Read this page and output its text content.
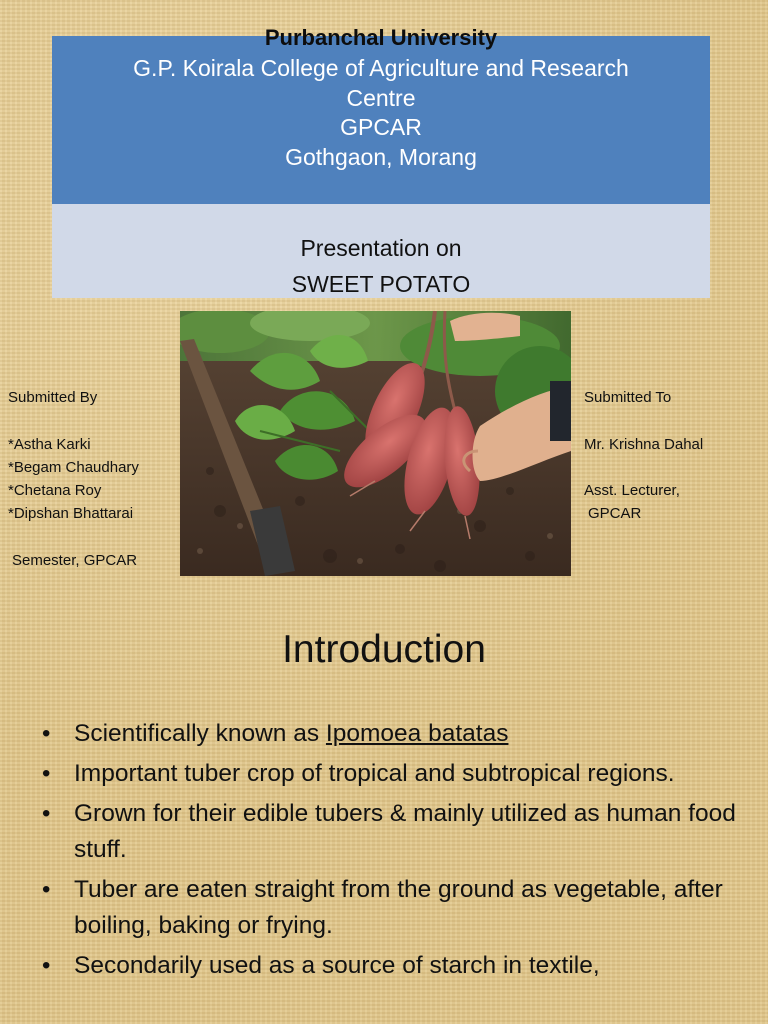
Purbanchal University
G.P. Koirala College of Agriculture and Research
Centre
GPCAR
Gothgaon, Morang
Presentation on
SWEET POTATO
Submitted By
*Astha Karki
*Begam Chaudhary
*Chetana Roy
*Dipshan Bhattarai
Semester, GPCAR
Submitted To
Mr. Krishna Dahal
Asst. Lecturer,
GPCAR
Introduction
• Scientifically known as Ipomoea batatas
• Important tuber crop of tropical and subtropical regions.
• Grown for their edible tubers & mainly utilized as human food stuff.
• Tuber are eaten straight from the ground as vegetable, after boiling, baking or frying.
• Secondarily used as a source of starch in textile,
